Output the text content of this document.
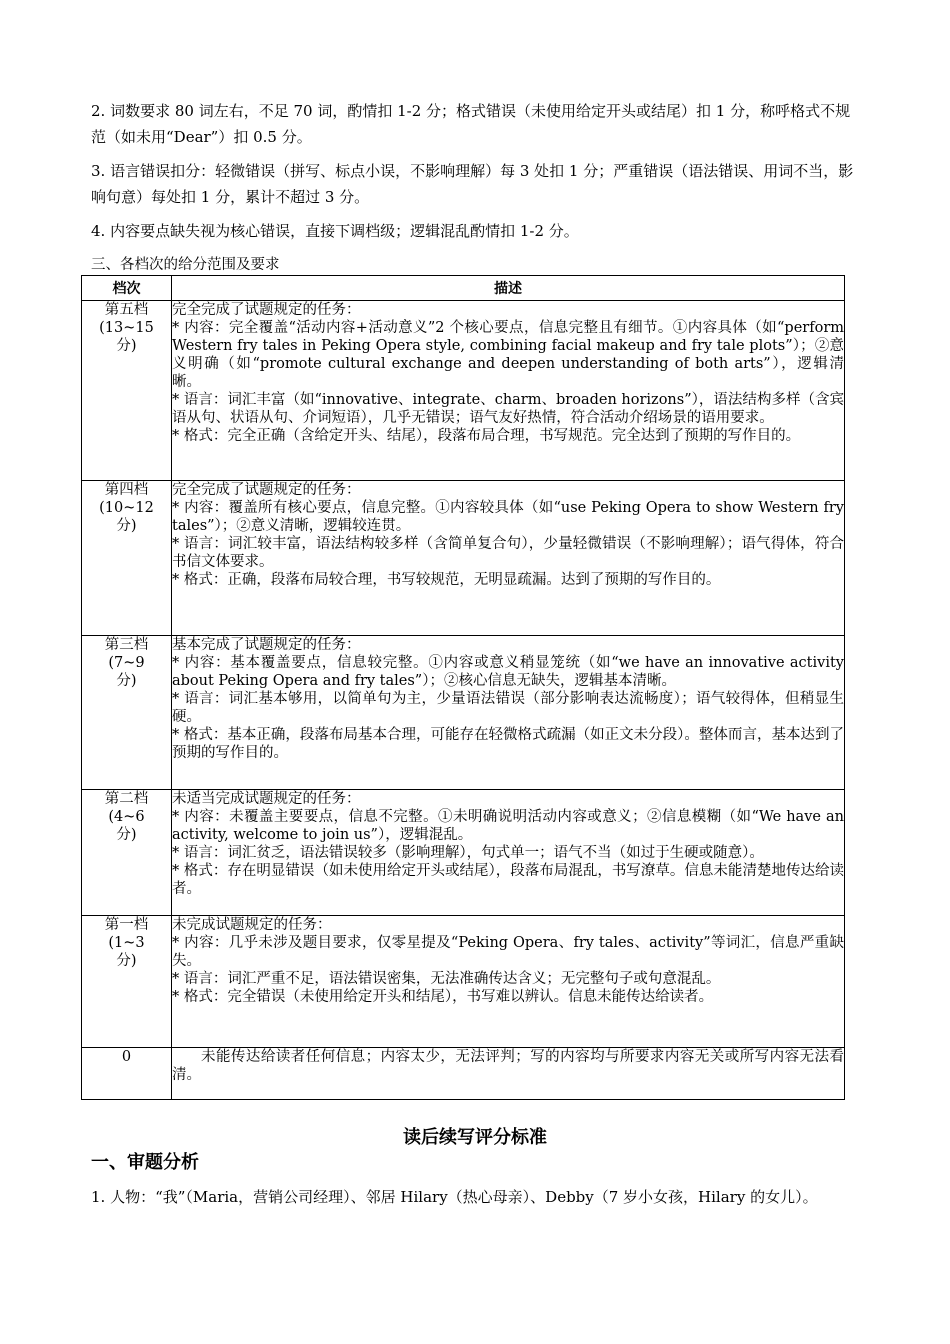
2. 词数要求 80 词左右，不足 70 词，酌情扣 1-2 分；格式错误（未使用给定开头或结尾）扣 1 分，称呼格式不规范（如未用“Dear”）扣 0.5 分。

3. 语言错误扣分：轻微错误（拼写、标点小误，不影响理解）每 3 处扣 1 分；严重错误（语法错误、用词不当，影响句意）每处扣 1 分，累计不超过 3 分。

4. 内容要点缺失视为核心错误，直接下调档级；逻辑混乱酌情扣 1-2 分。

三、各档次的给分范围及要求

档次	描述
第五档 (13~15 分)	完全完成了试题规定的任务：
* 内容：完全覆盖“活动内容+活动意义”2 个核心要点，信息完整且有细节。①内容具体（如“perform Western fry tales in Peking Opera style, combining facial makeup and fry tale plots”）；②意义明确（如“promote cultural exchange and deepen understanding of both arts”），逻辑清晰。
* 语言：词汇丰富（如“innovative、integrate、charm、broaden horizons”），语法结构多样（含宾语从句、状语从句、介词短语），几乎无错误；语气友好热情，符合活动介绍场景的语用要求。
* 格式：完全正确（含给定开头、结尾），段落布局合理，书写规范。完全达到了预期的写作目的。

第四档 (10~12 分)	完全完成了试题规定的任务：
* 内容：覆盖所有核心要点，信息完整。①内容较具体（如“use Peking Opera to show Western fry tales”）；②意义清晰，逻辑较连贯。
* 语言：词汇较丰富，语法结构较多样（含简单复合句），少量轻微错误（不影响理解）；语气得体，符合书信文体要求。
* 格式：正确，段落布局较合理，书写较规范，无明显疏漏。达到了预期的写作目的。

第三档 (7~9 分)	基本完成了试题规定的任务：
* 内容：基本覆盖要点，信息较完整。①内容或意义稍显笼统（如“we have an innovative activity about Peking Opera and fry tales”）；②核心信息无缺失，逻辑基本清晰。
* 语言：词汇基本够用，以简单句为主，少量语法错误（部分影响表达流畅度）；语气较得体，但稍显生硬。
* 格式：基本正确，段落布局基本合理，可能存在轻微格式疏漏（如正文未分段）。整体而言，基本达到了预期的写作目的。

第二档 (4~6 分)	未适当完成试题规定的任务：
* 内容：未覆盖主要要点，信息不完整。①未明确说明活动内容或意义；②信息模糊（如“We have an activity, welcome to join us”），逻辑混乱。
* 语言：词汇贫乏，语法错误较多（影响理解），句式单一；语气不当（如过于生硬或随意）。
* 格式：存在明显错误（如未使用给定开头或结尾），段落布局混乱，书写潦草。信息未能清楚地传达给读者。

第一档 (1~3 分)	未完成试题规定的任务：
* 内容：几乎未涉及题目要求，仅零星提及“Peking Opera、fry tales、activity”等词汇，信息严重缺失。
* 语言：词汇严重不足，语法错误密集，无法准确传达含义；无完整句子或句意混乱。
* 格式：完全错误（未使用给定开头和结尾），书写难以辨认。信息未能传达给读者。

0	未能传达给读者任何信息；内容太少，无法评判；写的内容均与所要求内容无关或所写内容无法看清。

读后续写评分标准

一、审题分析

1. 人物：“我”（Maria，营销公司经理）、邻居 Hilary（热心母亲）、Debby（7 岁小女孩，Hilary 的女儿）。
